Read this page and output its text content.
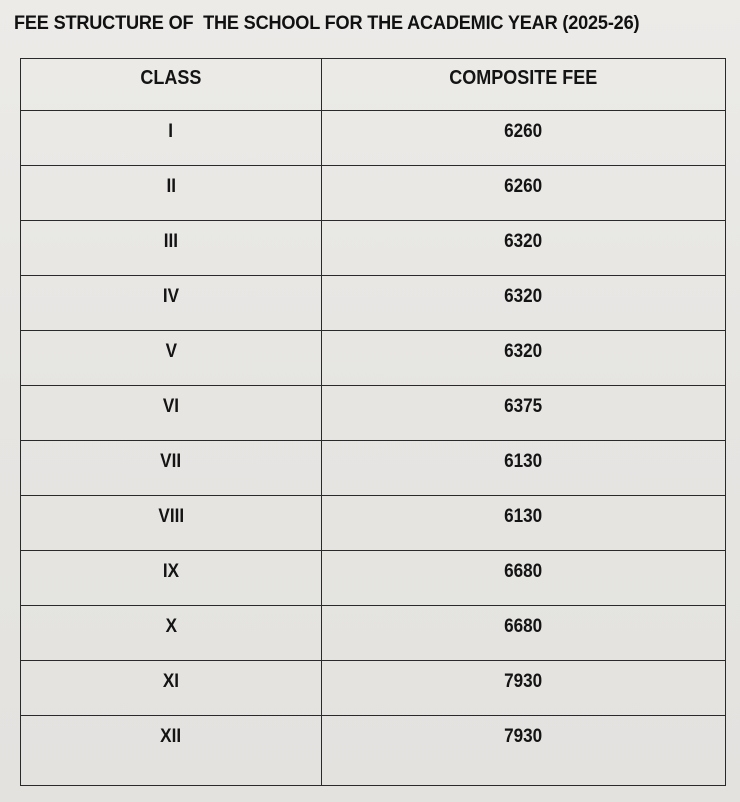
FEE STRUCTURE OF  THE SCHOOL FOR THE ACADEMIC YEAR (2025-26)
CLASS	COMPOSITE FEE
I	6260
II	6260
III	6320
IV	6320
V	6320
VI	6375
VII	6130
VIII	6130
IX	6680
X	6680
XI	7930
XII	7930
